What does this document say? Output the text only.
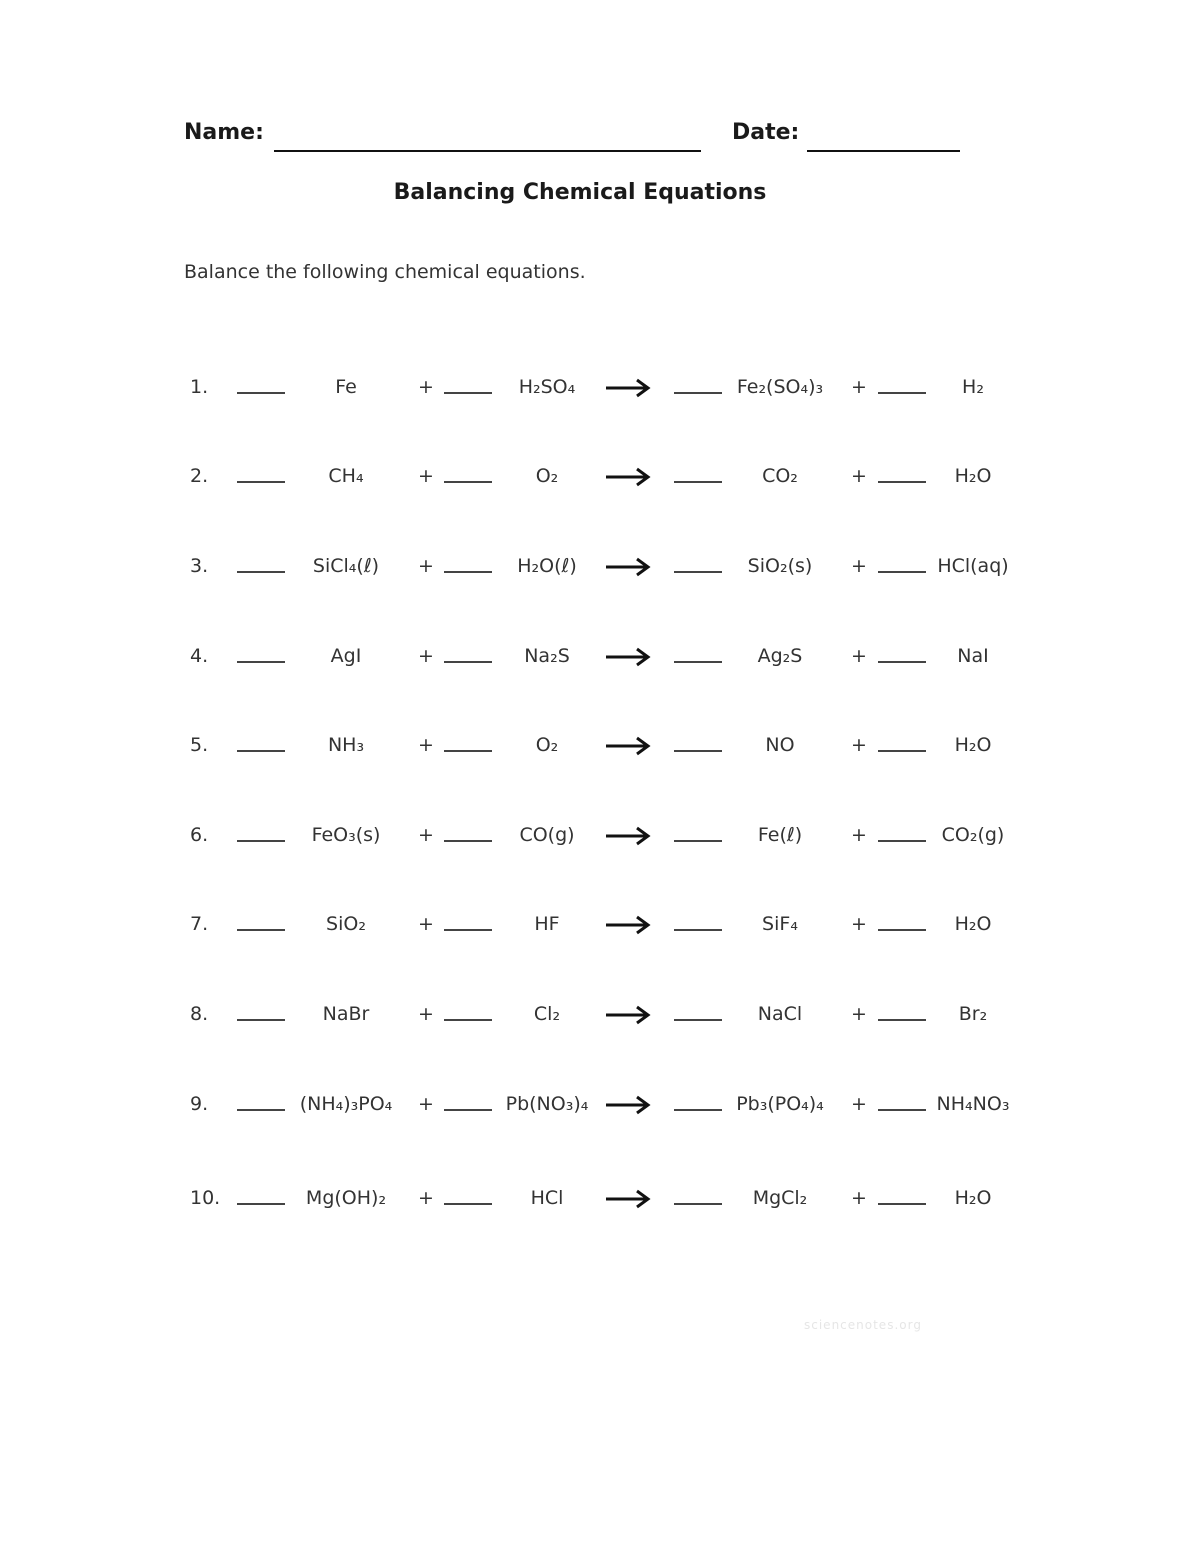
Name:	Date:
Balancing Chemical Equations
Balance the following chemical equations.
1.	Fe	+	H₂SO₄	Fe₂(SO₄)₃	+	H₂
2.	CH₄	+	O₂	CO₂	+	H₂O
3.	SiCl₄(ℓ)	+	H₂O(ℓ)	→	SiO₂(s)	+	HCl(aq)
4.	AgI	+	Na₂S	Ag₂S	+	NaI
5.	NH₃	+	O₂	NO	+	H₂O
6.	FeO₃(s)	+	CO(g)	Fe(ℓ)	+	CO₂(g)
7.	SiO₂	+	HF	SiF₄	+	H₂O
8.	NaBr	+	Cl₂	NaCl	+	Br₂
9.	(NH₄)₃PO₄	+	Pb(NO₃)₄ →	Pb₃(PO₄)₄	+	NH₄NO₃
10.	Mg(OH)₂	+	HCl	MgCl₂	+	H₂O
sciencenotes.org
